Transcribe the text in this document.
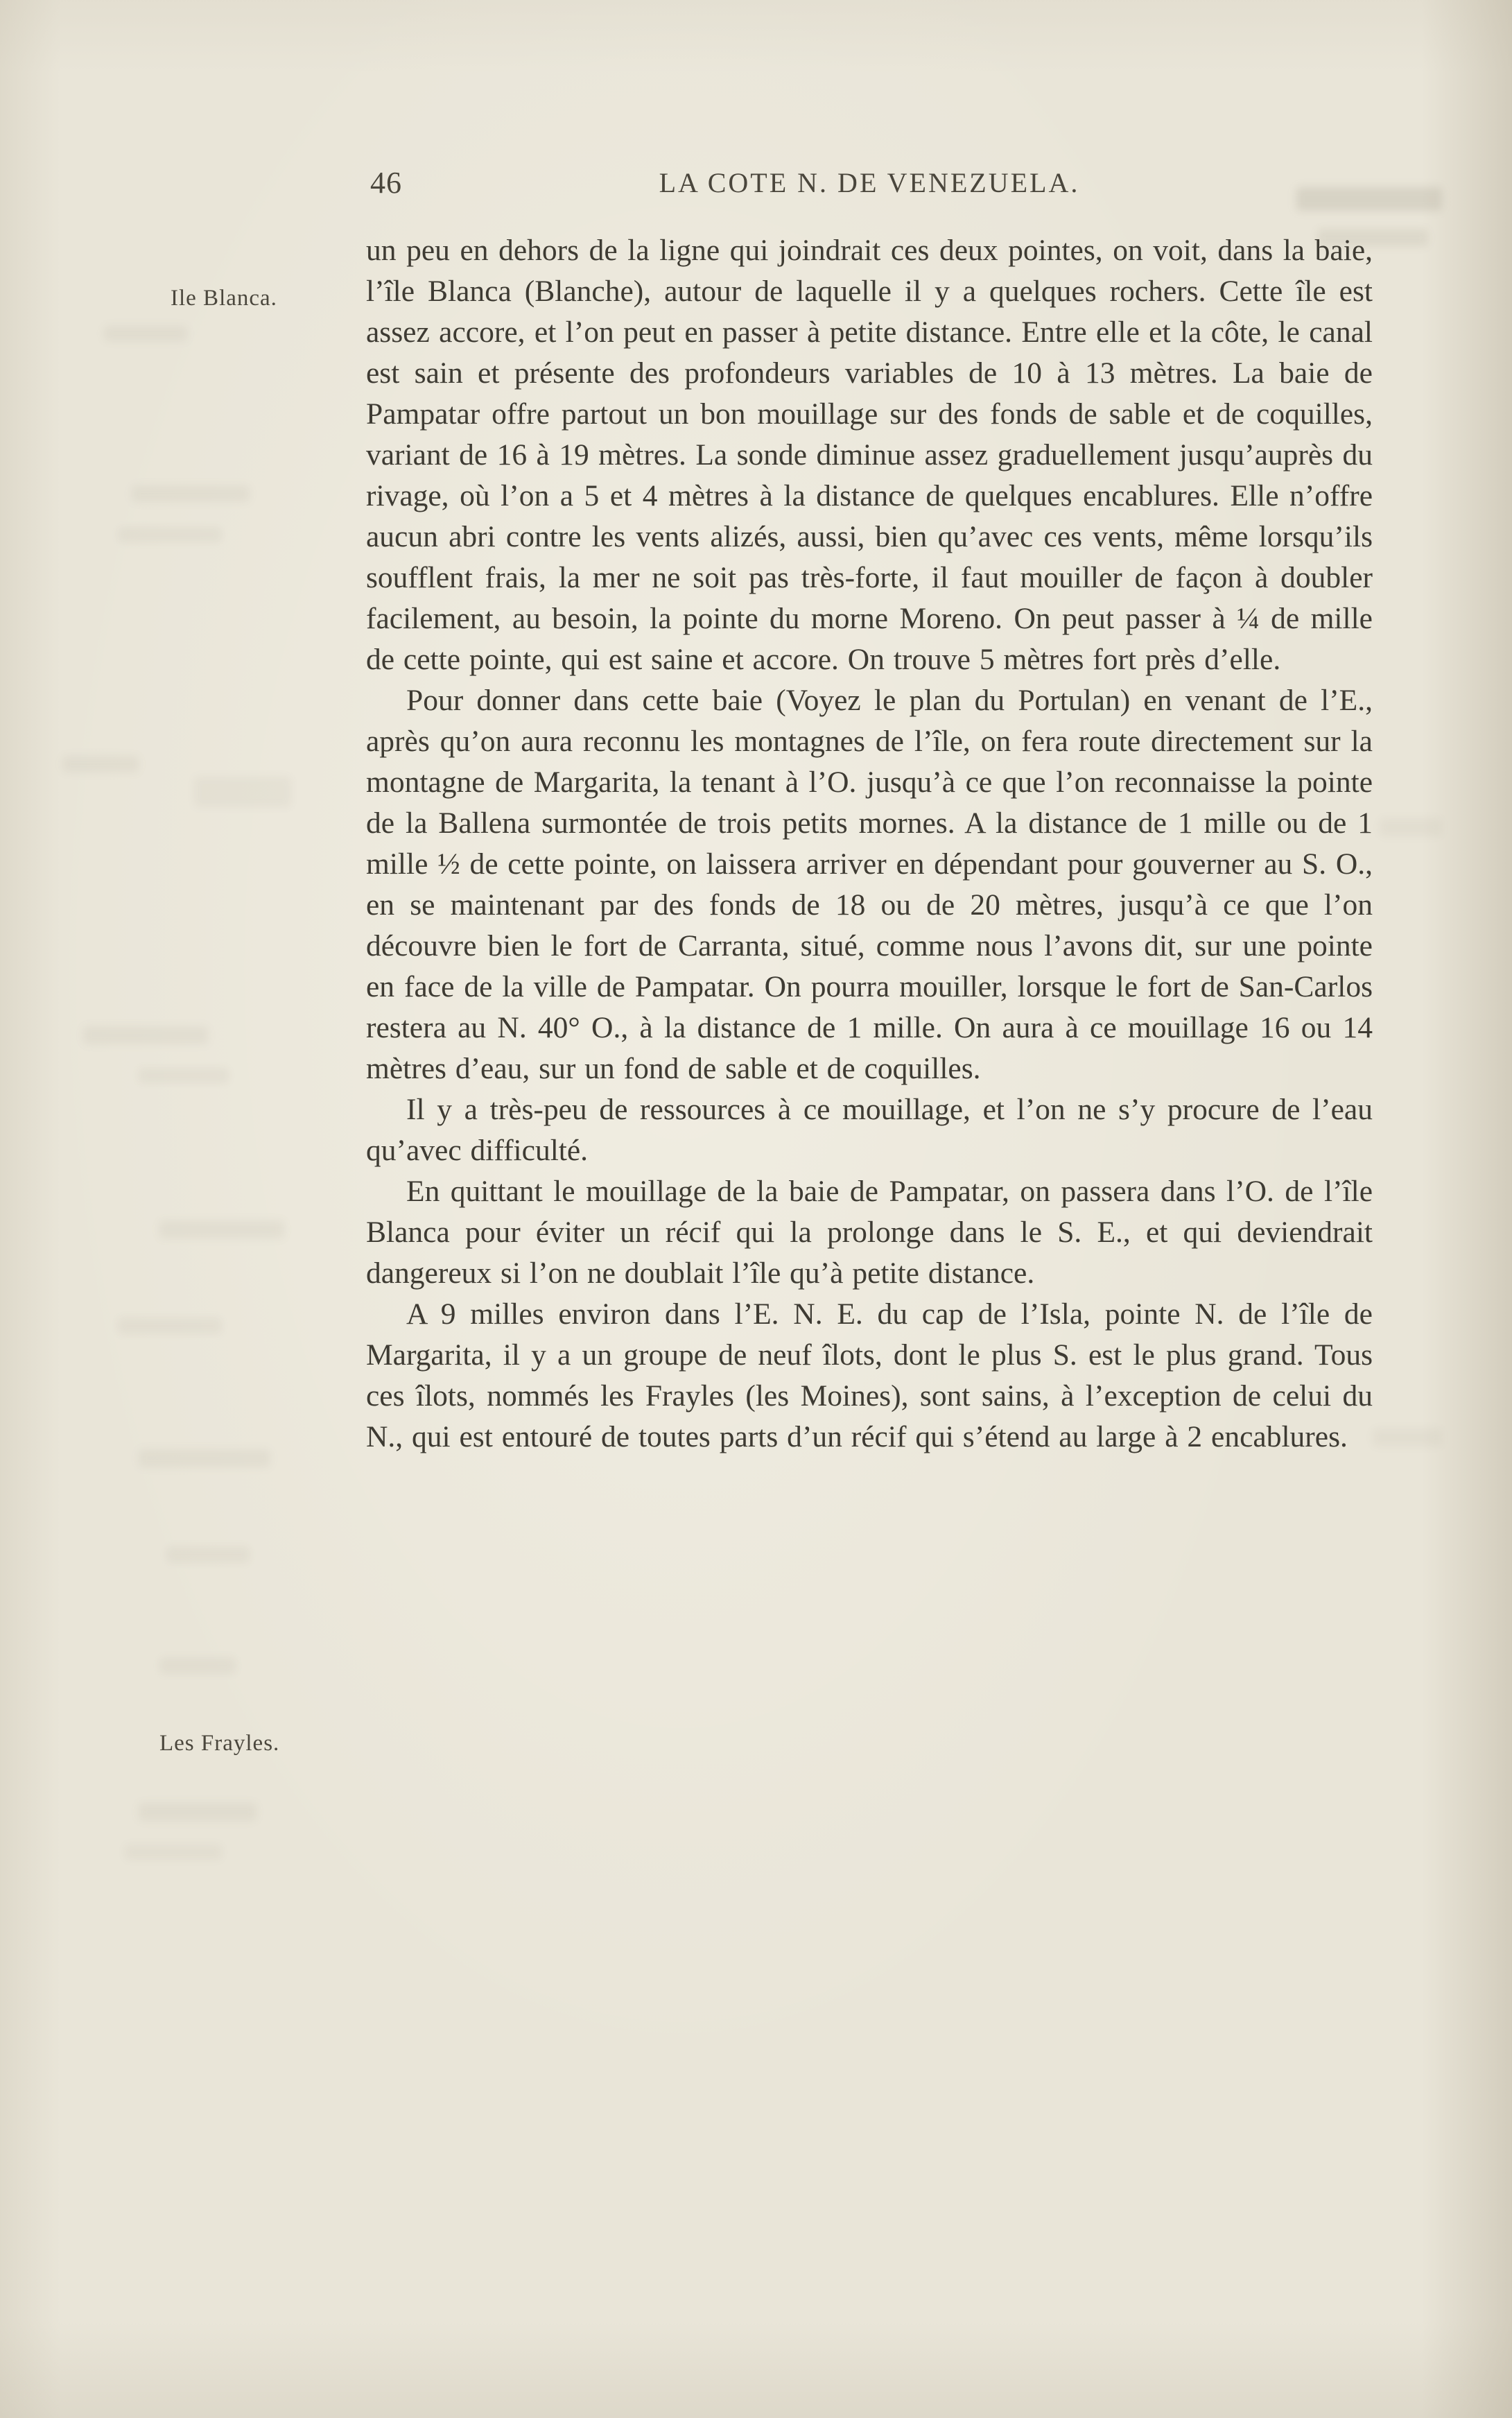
46	LA COTE N. DE VENEZUELA.
Ile Blanca.
Les Frayles.

un peu en dehors de la ligne qui joindrait ces deux pointes, on voit, dans la baie, l’île Blanca (Blanche), autour de laquelle il y a quelques rochers. Cette île est assez accore, et l’on peut en passer à petite distance. Entre elle et la côte, le canal est sain et présente des profondeurs variables de 10 à 13 mètres. La baie de Pampatar offre partout un bon mouillage sur des fonds de sable et de coquilles, variant de 16 à 19 mètres. La sonde diminue assez graduellement jusqu’auprès du rivage, où l’on a 5 et 4 mètres à la distance de quelques encablures. Elle n’offre aucun abri contre les vents alizés, aussi, bien qu’avec ces vents, même lorsqu’ils soufflent frais, la mer ne soit pas très-forte, il faut mouiller de façon à doubler facilement, au besoin, la pointe du morne Moreno. On peut passer à ¼ de mille de cette pointe, qui est saine et accore. On trouve 5 mètres fort près d’elle.

Pour donner dans cette baie (Voyez le plan du Portulan) en venant de l’E., après qu’on aura reconnu les montagnes de l’île, on fera route directement sur la montagne de Margarita, la tenant à l’O. jusqu’à ce que l’on reconnaisse la pointe de la Ballena surmontée de trois petits mornes. A la distance de 1 mille ou de 1 mille ½ de cette pointe, on laissera arriver en dépendant pour gouverner au S. O., en se maintenant par des fonds de 18 ou de 20 mètres, jusqu’à ce que l’on découvre bien le fort de Carranta, situé, comme nous l’avons dit, sur une pointe en face de la ville de Pampatar. On pourra mouiller, lorsque le fort de San-Carlos restera au N. 40° O., à la distance de 1 mille. On aura à ce mouillage 16 ou 14 mètres d’eau, sur un fond de sable et de coquilles.

Il y a très-peu de ressources à ce mouillage, et l’on ne s’y procure de l’eau qu’avec difficulté.

En quittant le mouillage de la baie de Pampatar, on passera dans l’O. de l’île Blanca pour éviter un récif qui la prolonge dans le S. E., et qui deviendrait dangereux si l’on ne doublait l’île qu’à petite distance.

A 9 milles environ dans l’E. N. E. du cap de l’Isla, pointe N. de l’île de Margarita, il y a un groupe de neuf îlots, dont le plus S. est le plus grand. Tous ces îlots, nommés les Frayles (les Moines), sont sains, à l’exception de celui du N., qui est entouré de toutes parts d’un récif qui s’étend au large à 2 encablures.
